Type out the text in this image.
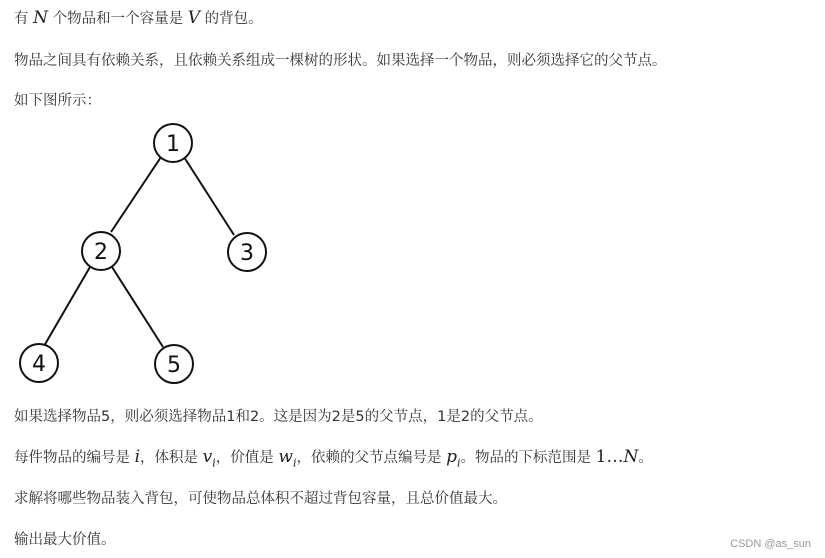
有 N 个物品和一个容量是 V 的背包。
物品之间具有依赖关系，且依赖关系组成一棵树的形状。如果选择一个物品，则必须选择它的父节点。
如下图所示：
1
2	3
4	5
如果选择物品5，则必须选择物品1和2。这是因为2是5的父节点，1是2的父节点。
每件物品的编号是 i，体积是 $v_i$，价值是 $w_i$，依赖的父节点编号是 $p_i$。物品的下标范围是 1…N。
求解将哪些物品装入背包，可使物品总体积不超过背包容量，且总价值最大。
输出最大价值。	CSDN @as_sun
